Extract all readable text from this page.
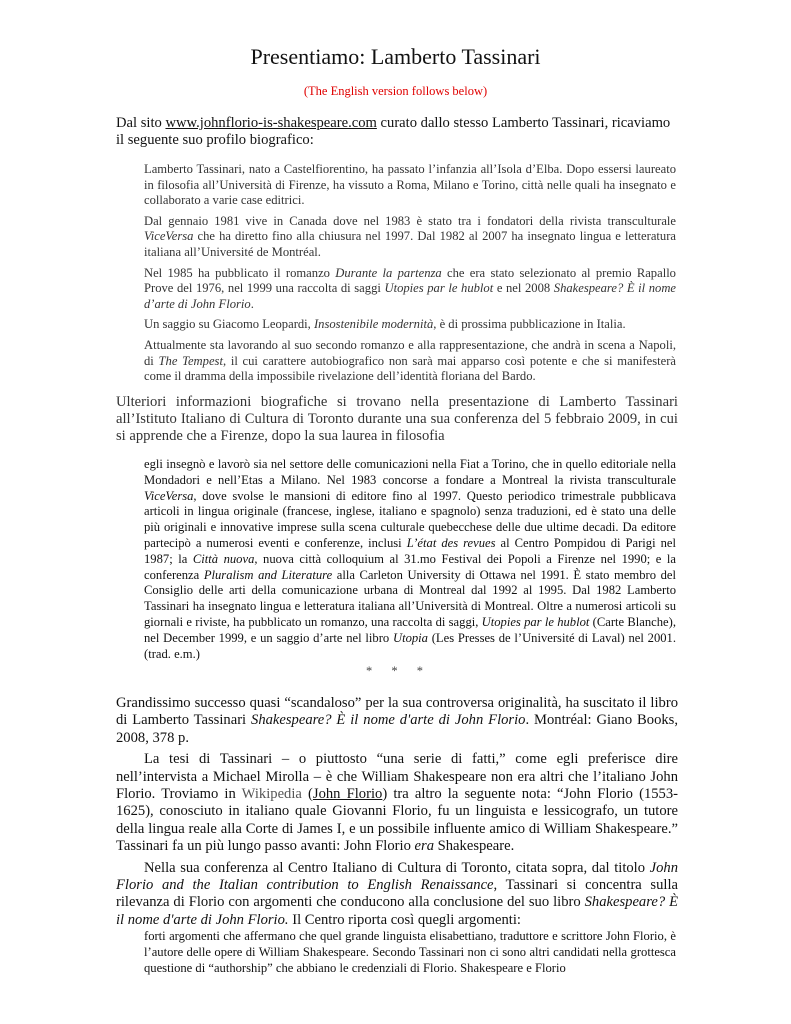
Presentiamo: Lamberto Tassinari
(The English version follows below)
Dal sito www.johnflorio-is-shakespeare.com curato dallo stesso Lamberto Tassinari, ricaviamo il seguente suo profilo biografico:

Lamberto Tassinari, nato a Castelfiorentino, ha passato l’infanzia all’Isola d’Elba. Dopo essersi laureato in filosofia all’Università di Firenze, ha vissuto a Roma, Milano e Torino, città nelle quali ha insegnato e collaborato a varie case editrici.

Dal gennaio 1981 vive in Canada dove nel 1983 è stato tra i fondatori della rivista transculturale ViceVersa che ha diretto fino alla chiusura nel 1997. Dal 1982 al 2007 ha insegnato lingua e letteratura italiana all’Université de Montréal.

Nel 1985 ha pubblicato il romanzo Durante la partenza che era stato selezionato al premio Rapallo Prove del 1976, nel 1999 una raccolta di saggi Utopies par le hublot e nel 2008 Shakespeare? È il nome d’arte di John Florio.

Un saggio su Giacomo Leopardi, Insostenibile modernità, è di prossima pubblicazione in Italia.

Attualmente sta lavorando al suo secondo romanzo e alla rappresentazione, che andrà in scena a Napoli, di The Tempest, il cui carattere autobiografico non sarà mai apparso così potente e che si manifesterà come il dramma della impossibile rivelazione dell’identità floriana del Bardo.

Ulteriori informazioni biografiche si trovano nella presentazione di Lamberto Tassinari all’Istituto Italiano di Cultura di Toronto durante una sua conferenza del 5 febbraio 2009, in cui si apprende che a Firenze, dopo la sua laurea in filosofia
egli insegnò e lavorò sia nel settore delle comunicazioni nella Fiat a Torino, che in quello editoriale nella Mondadori e nell’Etas a Milano. Nel 1983 concorse a fondare a Montreal la rivista transculturale ViceVersa, dove svolse le mansioni di editore fino al 1997. Questo periodico trimestrale pubblicava articoli in lingua originale (francese, inglese, italiano e spagnolo) senza traduzioni, ed è stato una delle più originali e innovative imprese sulla scena culturale quebecchese delle due ultime decadi. Da editore partecipò a numerosi eventi e conferenze, inclusi L’état des revues al Centro Pompidou di Parigi nel 1987; la Città nuova, nuova città colloquium al 31.mo Festival dei Popoli a Firenze nel 1990; e la conferenza Pluralism and Literature alla Carleton University di Ottawa nel 1991. È stato membro del Consiglio delle arti della comunicazione urbana di Montreal dal 1992 al 1995. Dal 1982 Lamberto Tassinari ha insegnato lingua e letteratura italiana all’Università di Montreal. Oltre a numerosi articoli su giornali e riviste, ha pubblicato un romanzo, una raccolta di saggi, Utopies par le hublot (Carte Blanche), nel December 1999, e un saggio d’arte nel libro Utopia (Les Presses de l’Université di Laval) nel 2001. (trad. e.m.)
* * *

Grandissimo successo quasi “scandaloso” per la sua controversa originalità, ha suscitato il libro di Lamberto Tassinari Shakespeare? È il nome d'arte di John Florio. Montréal: Giano Books, 2008, 378 p.

La tesi di Tassinari – o piuttosto “una serie di fatti,” come egli preferisce dire nell’intervista a Michael Mirolla – è che William Shakespeare non era altri che l’italiano John Florio. Troviamo in Wikipedia (John Florio) tra altro la seguente nota: “John Florio (1553-1625), conosciuto in italiano quale Giovanni Florio, fu un linguista e lessicografo, un tutore della lingua reale alla Corte di James I, e un possibile influente amico di William Shakespeare.” Tassinari fa un più lungo passo avanti: John Florio era Shakespeare.

Nella sua conferenza al Centro Italiano di Cultura di Toronto, citata sopra, dal titolo John Florio and the Italian contribution to English Renaissance, Tassinari si concentra sulla rilevanza di Florio con argomenti che conducono alla conclusione del suo libro Shakespeare? È il nome d'arte di John Florio. Il Centro riporta così quegli argomenti:

forti argomenti che affermano che quel grande linguista elisabettiano, traduttore e scrittore John Florio, è l’autore delle opere di William Shakespeare. Secondo Tassinari non ci sono altri candidati nella grottesca questione di “authorship” che abbiano le credenziali di Florio. Shakespeare e Florio
